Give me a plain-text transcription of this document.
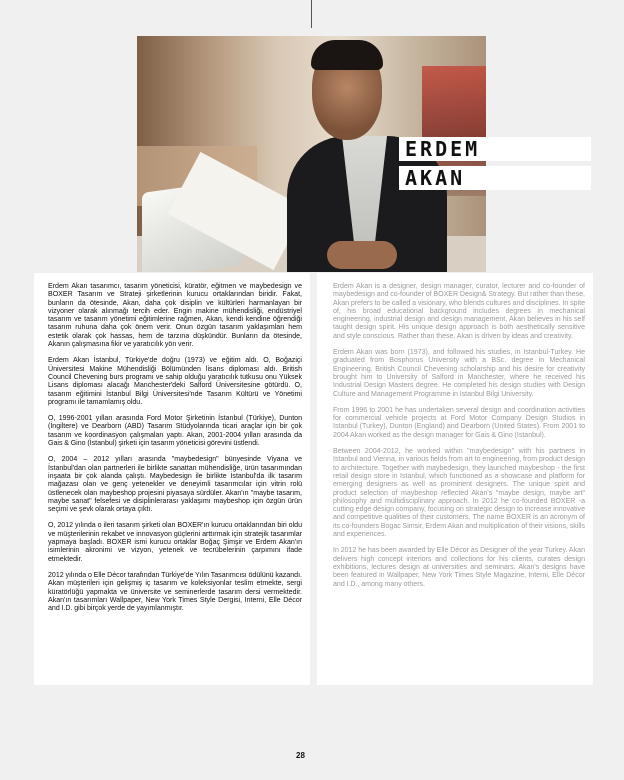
ERDEM
AKAN

Erdem Akan tasarımcı, tasarım yöneticisi, küratör, eğitmen ve maybedesign ve BOXER Tasarım ve Strateji şirketlerinin kurucu ortaklarından biridir. Fakat, bunların da ötesinde, Akan, daha çok disiplin ve kültürleri harmanlayan bir vizyoner olarak alınmağı tercih eder. Engin makine mühendisliği, endüstriyel tasarım ve tasarım yönetimi eğitimlerine rağmen, Akan, kendi kendine öğrendiği tasarım ruhuna daha çok önem verir. Onun özgün tasarım yaklaşımları hem estetik olarak çok hassas, hem de tarzına düşkündür. Bunların da ötesinde, Akanın çalışmasına fikir ve yaratıcılık yön verir.

Erdem Akan İstanbul, Türkiye'de doğru (1973) ve eğitim aldı. O, Boğaziçi Üniversitesi Makine Mühendisliği Bölümünden lisans diploması aldı. British Council Chevening burs programı ve sahip olduğu yaratıcılık tutkusu onu Yüksek Lisans diploması alacağı Manchester'deki Salford Üniversitesine götürdü. O, tasarım eğitimini İstanbul Bilgi Üniversitesi'nde Tasarım Kültürü ve Yönetimi programı ile tamamlamış oldu.

O, 1996-2001 yılları arasında Ford Motor Şirketinin İstanbul (Türkiye), Dunton (İngiltere) ve Dearborn (ABD) Tasarım Stüdyolarında ticari araçlar için bir çok tasarım ve koordinasyon çalışmaları yaptı. Akan, 2001-2004 yılları arasında da Gais & Gino (İstanbul) şirketi için tasarım yöneticisi görevini üstlendi.

O, 2004 – 2012 yılları arasında "maybedesign" bünyesinde Viyana ve İstanbul'dan olan partnerleri ile birlikte sanattan mühendisliğe, ürün tasarımından inşaata bir çok alanda çalıştı. Maybedesign ile birlikte İstanbul'da ilk tasarım mağazası olan ve genç yetenekler ve deneyimli tasarımcılar için vitrin rolü üstlenecek olan maybeshop projesini piyasaya sürdüler. Akan'ın "maybe tasarım, maybe sanat" felsefesi ve disiplinlerarası yaklaşımı maybeshop için özgün ürün seçimi ve şevk olarak ortaya çıktı.

O, 2012 yılında o ileri tasarım şirketi olan BOXER'ın kurucu ortaklarından biri oldu ve müşterilerinin rekabet ve innovasyon güçlerini arttırmak için stratejik tasarımlar yapmaya başladı. BOXER ismi kurucu ortaklar Boğaç Şimşir ve Erdem Akan'ın isimlerinin akronimi ve vizyon, yetenek ve tecrübelerinin çarpımını ifade etmektedir.

2012 yılında o Elle Décor tarafından Türkiye'de Yılın Tasarımcısı ödülünü kazandı. Akan müşterileri için gelişmiş iç tasarım ve koleksiyonlar teslim etmekte, sergi küratörlüğü yapmakta ve üniversite ve seminerlerde tasarım dersi vermektedir. Akan'ın tasarımları Wallpaper, New York Times Style Dergisi, Interni, Elle Décor and I.D. gibi birçok yerde de yayımlanmıştır.

Erdem Akan is a designer, design manager, curator, lecturer and co-founder of maybedesign and co-founder of BOXER Design& Strategy. But rather than these, Akan prefers to be called a visionary, who blends cultures and disciplines. In spite of, his broad educational background includes degrees in mechanical engineering, industrial design and design management, Akan believes in his self taught design spirit. His unique design approach is both aesthetically sensitive and style conscious. Rather than these, Akan is driven by ideas and creativity.

Erdem Akan was born (1973), and followed his studies, in Istanbul-Turkey. He graduated from Bosphorus University with a BSc. degree in Mechanical Engineering. British Council Chevening scholarship and his desire for creativity brought him to University of Salford in Manchester, where he received his Industrial Design Masters degree. He completed his design studies with Design Culture and Management Programme in Istanbul Bilgi University.

From 1996 to 2001 he has undertaken several design and coordination activities for commercial vehicle projects at Ford Motor Company Design Studios in Istanbul (Turkey), Dunton (England) and Dearborn (United States). From 2001 to 2004 Akan worked as the design manager for Gais & Gino (Istanbul).

Between 2004-2012, he worked within "maybedesign" with his partners in Istanbul and Vienna, in various fields from art to engineering, from product design to architecture. Together with maybedesign, they launched maybeshop - the first retail design store in Istanbul, which functioned as a showcase and platform for emerging designers as well as prominent designers. The unique spirit and product selection of maybeshop reflected Akan's "maybe design, maybe art" philosophy and multidisciplinary approach. In 2012 he co-founded BOXER -a cutting edge design company, focusing on strategic design to increase innovative and competitive qualities of their customers. The name BOXER is an acronym of its co-founders Bogac Simsir, Erdem Akan and multiplication of their visions, skills and experiences.

In 2012 he has been awarded by Elle Décor as Designer of the year Turkey. Akan delivers high concept interiors and collections for his clients, curates design exhibitions, lectures design at universities and seminars. Akan's designs have been featured in Wallpaper, New York Times Style Magazine, Interni, Elle Décor and I.D., among many others.

28
